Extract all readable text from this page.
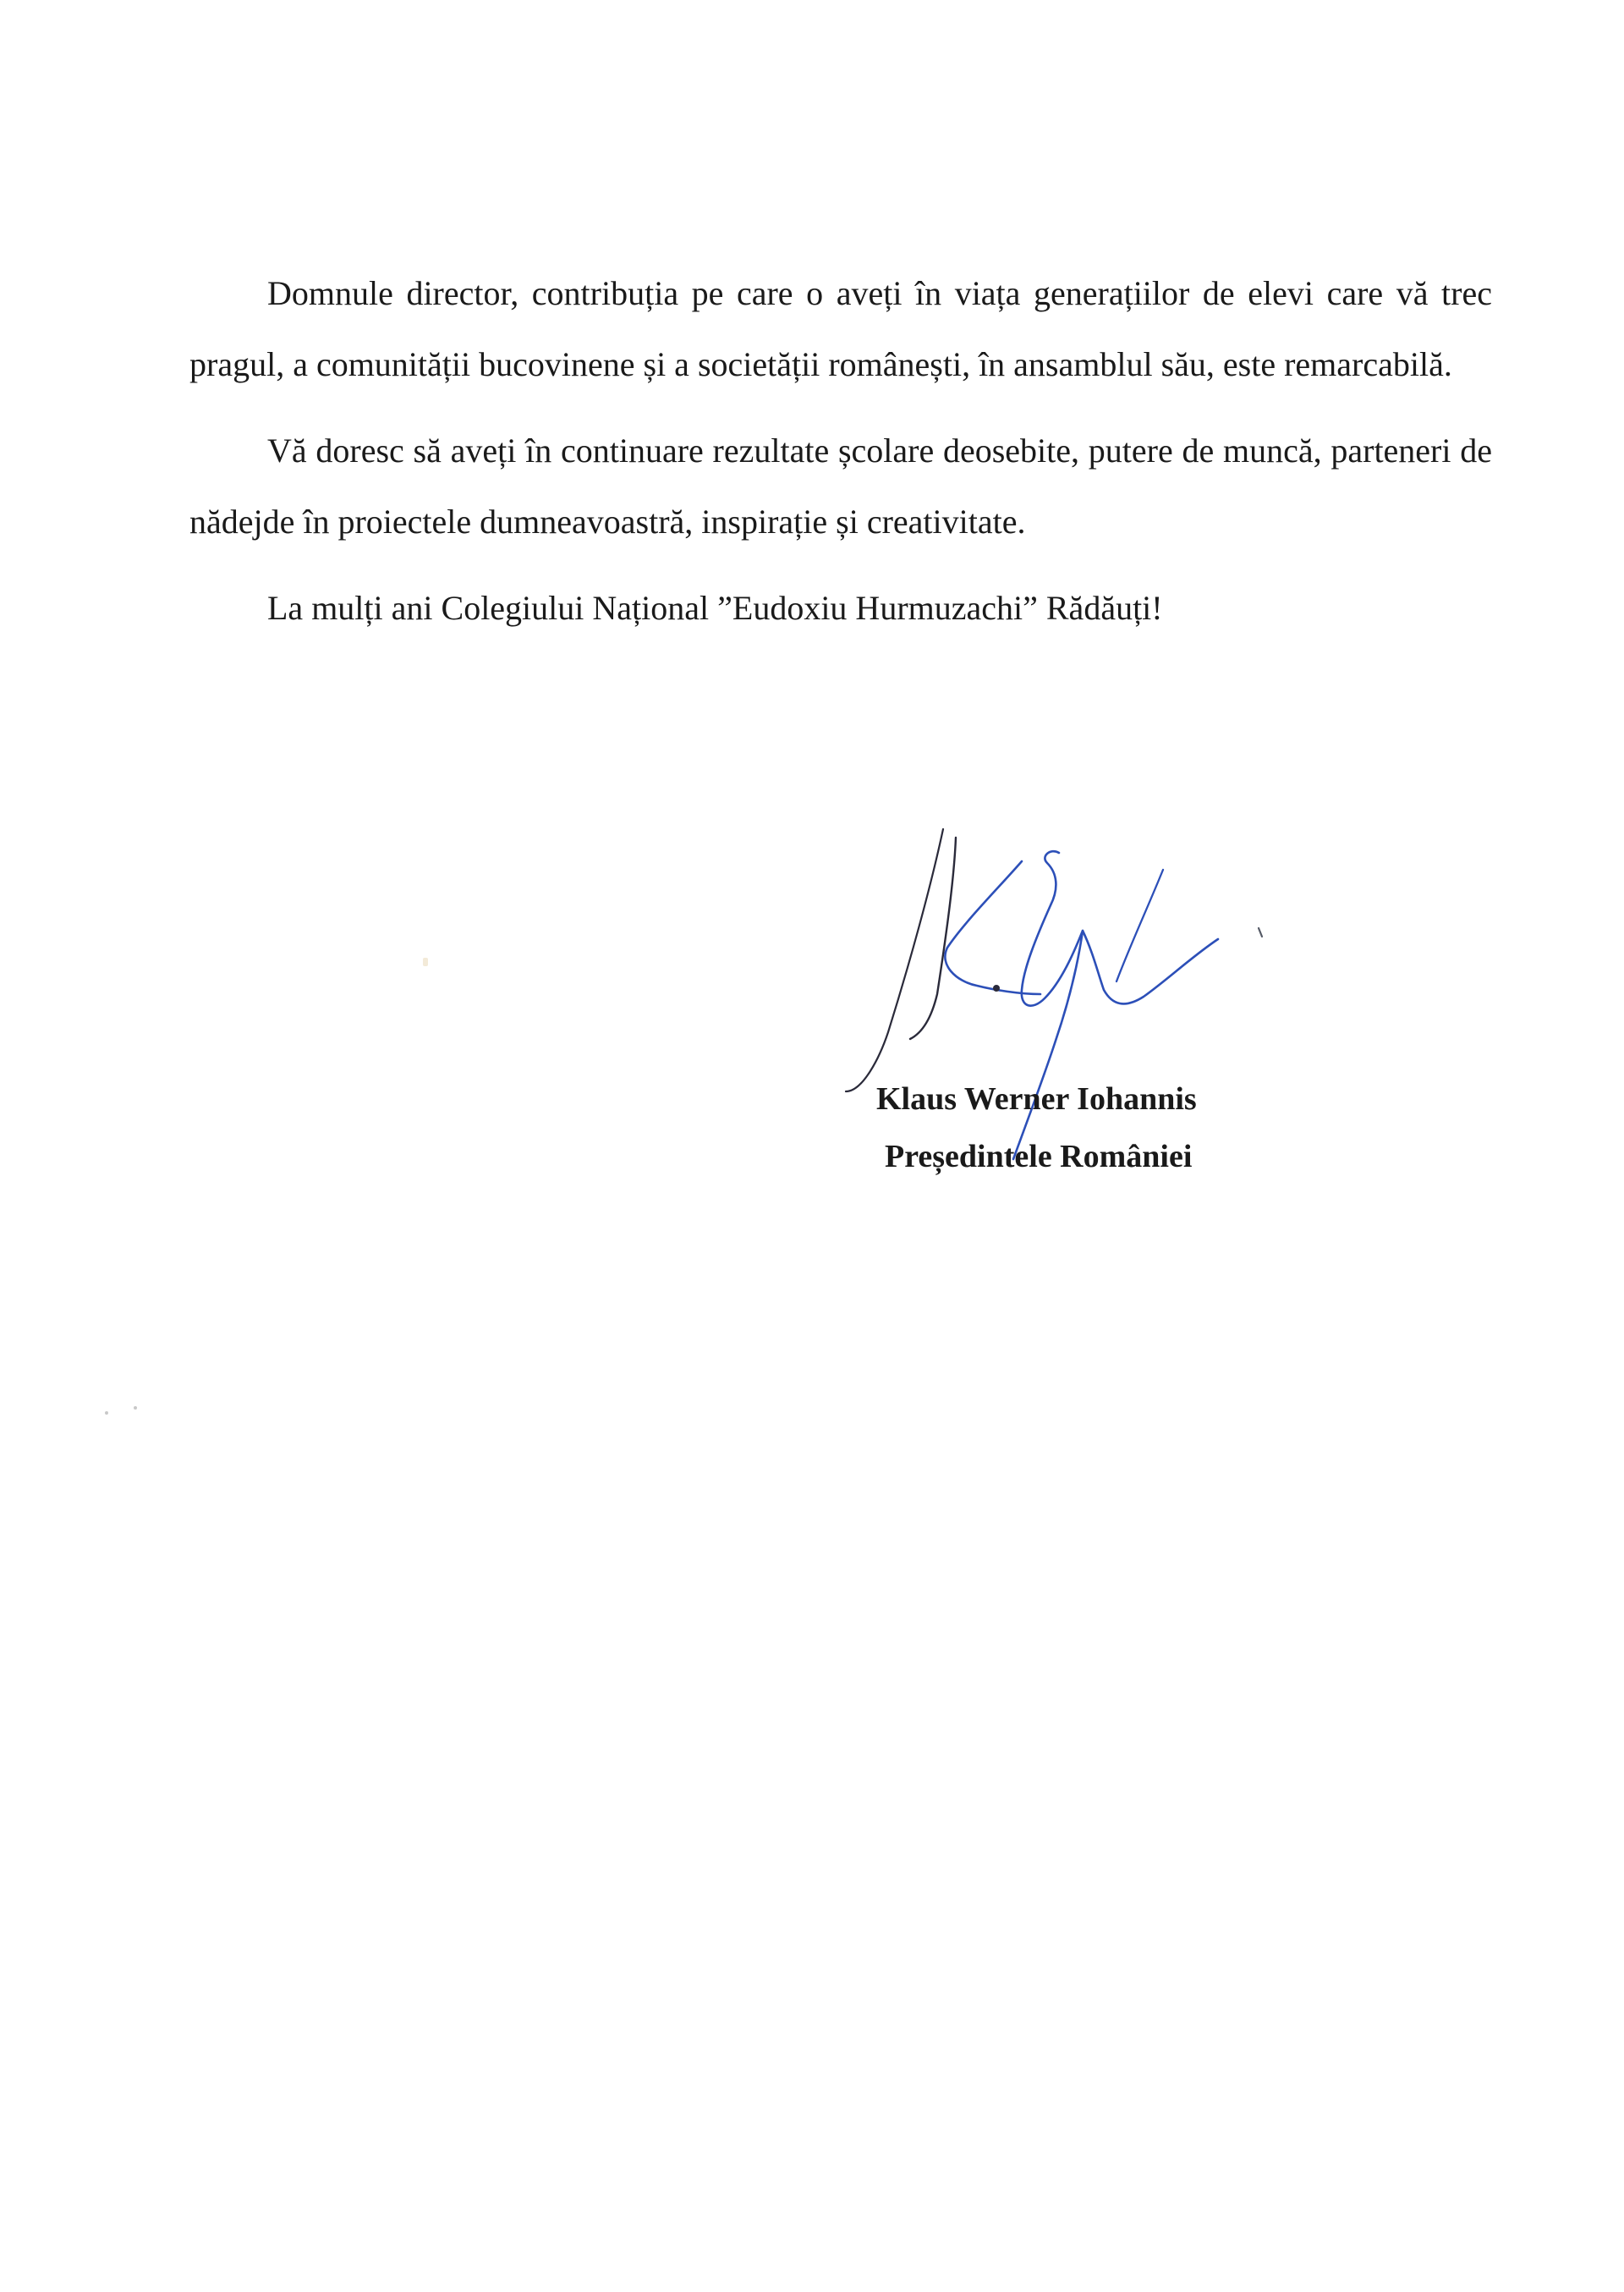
Domnule director, contribuția pe care o aveți în viața generațiilor de elevi care vă trec pragul, a comunității bucovinene și a societății românești, în ansamblul său, este remarcabilă.

Vă doresc să aveți în continuare rezultate școlare deosebite, putere de muncă, parteneri de nădejde în proiectele dumneavoastră, inspirație și creativitate.

La mulți ani Colegiului Național ”Eudoxiu Hurmuzachi” Rădăuți!

Klaus Werner Iohannis
Președintele României
